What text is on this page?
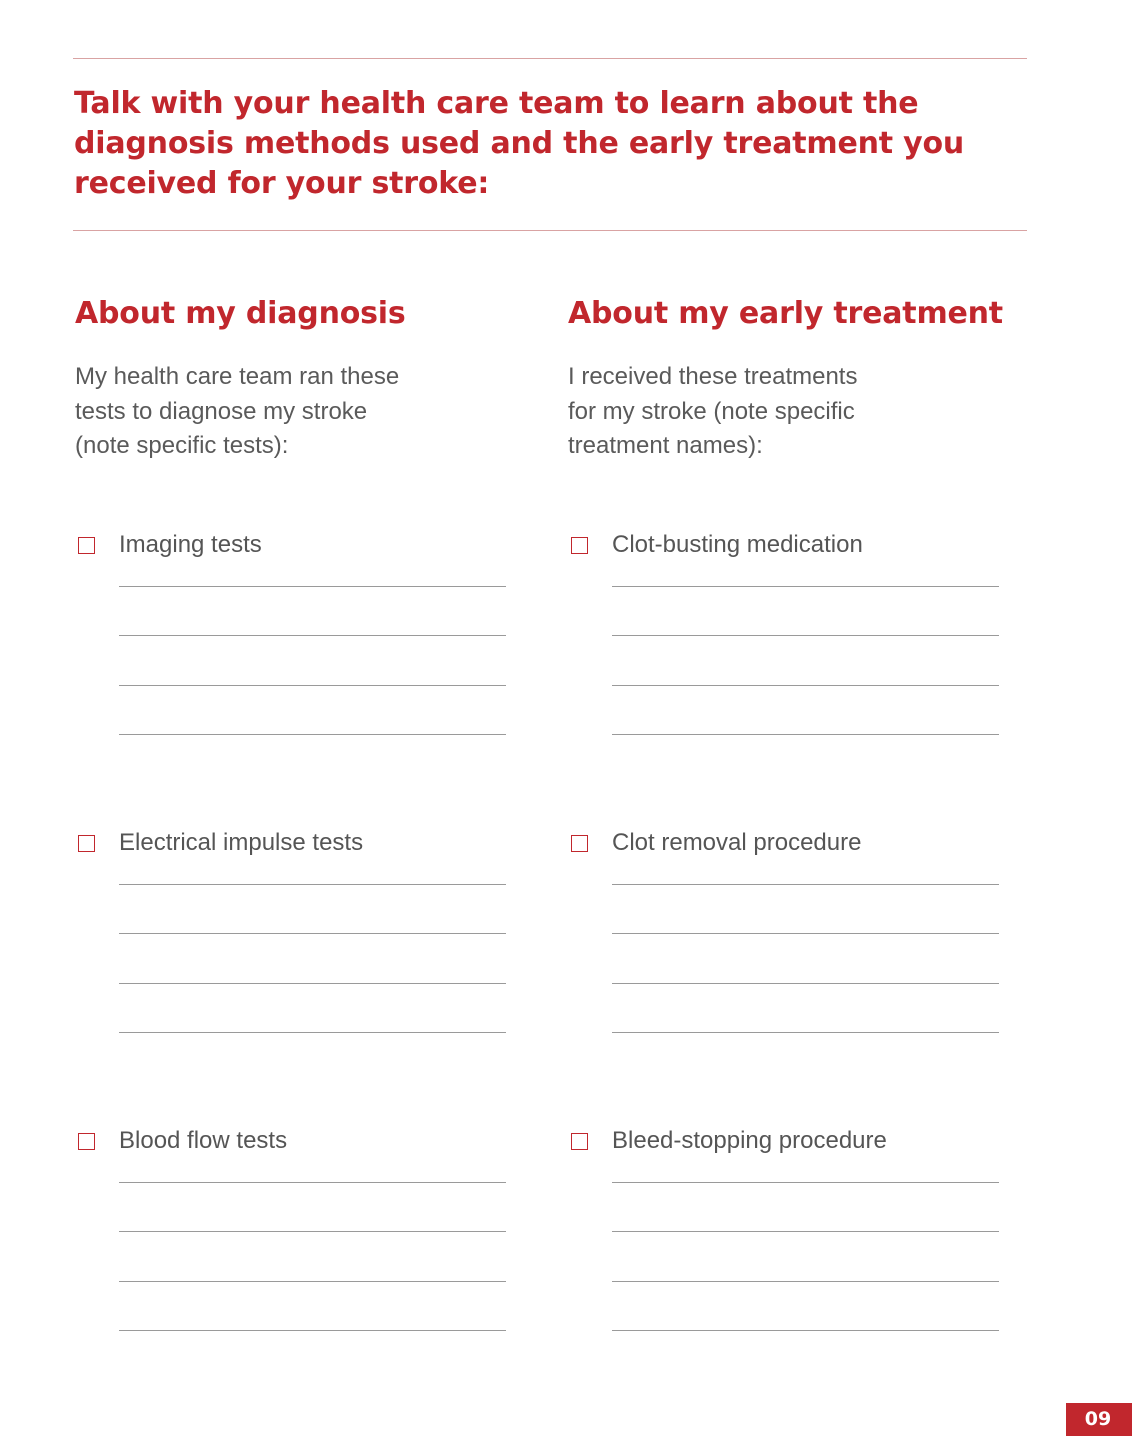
Talk with your health care team to learn about the diagnosis methods used and the early treatment you received for your stroke:
About my diagnosis
My health care team ran these
tests to diagnose my stroke
(note specific tests):
Imaging tests
Electrical impulse tests
Blood flow tests
About my early treatment
I received these treatments
for my stroke (note specific
treatment names):
Clot-busting medication
Clot removal procedure
Bleed-stopping procedure
09
